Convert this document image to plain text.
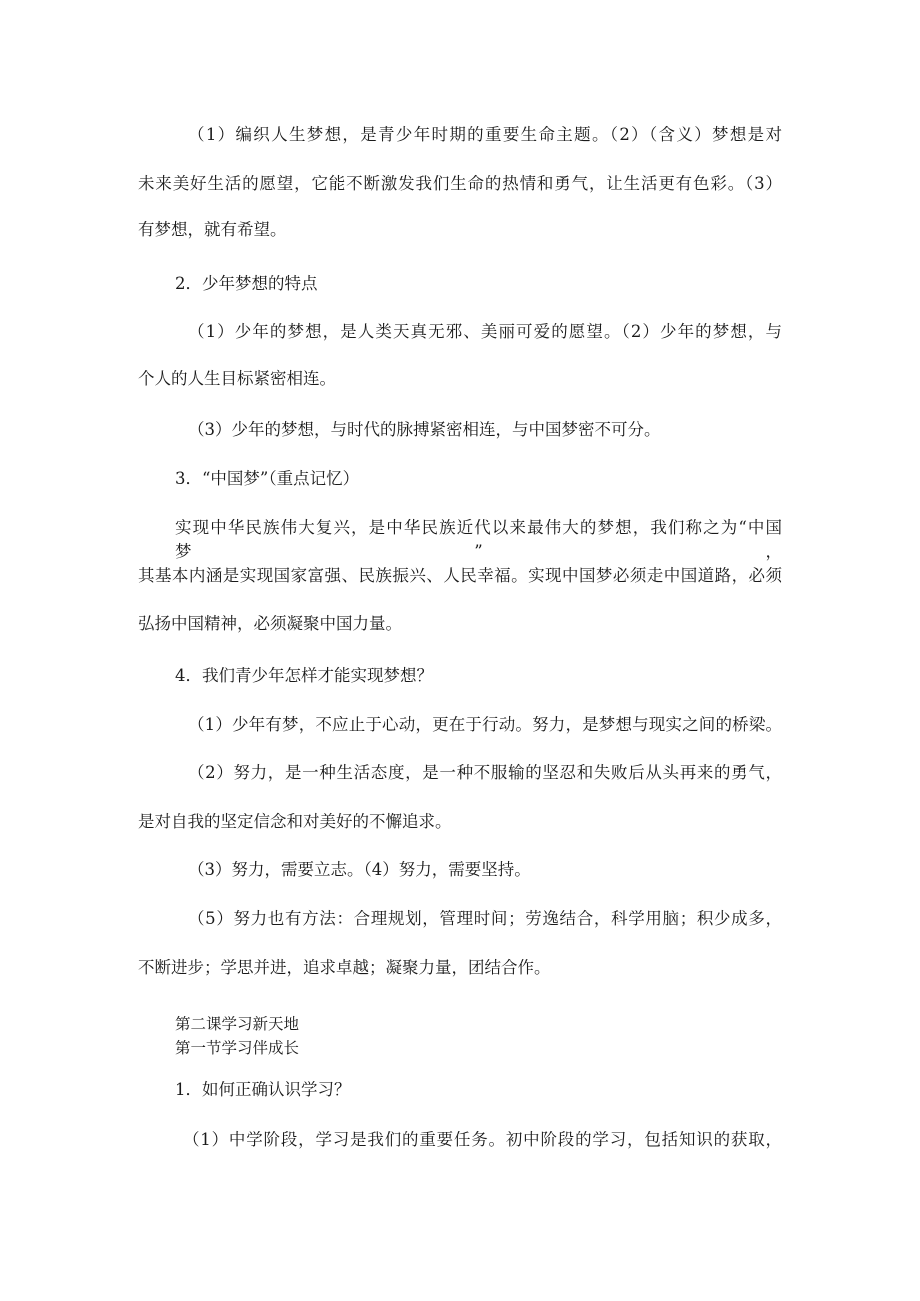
（1）编织人生梦想，是青少年时期的重要生命主题。（2）（含义）梦想是对
未来美好生活的愿望，它能不断激发我们生命的热情和勇气，让生活更有色彩。（3）
有梦想，就有希望。
2．少年梦想的特点
（1）少年的梦想，是人类天真无邪、美丽可爱的愿望。（2）少年的梦想，与
个人的人生目标紧密相连。
（3）少年的梦想，与时代的脉搏紧密相连，与中国梦密不可分。
3．“中国梦”（重点记忆）
实现中华民族伟大复兴，是中华民族近代以来最伟大的梦想，我们称之为“中国梦”，
其基本内涵是实现国家富强、民族振兴、人民幸福。实现中国梦必须走中国道路，必须
弘扬中国精神，必须凝聚中国力量。
4．我们青少年怎样才能实现梦想？
（1）少年有梦，不应止于心动，更在于行动。努力，是梦想与现实之间的桥梁。
（2）努力，是一种生活态度，是一种不服输的坚忍和失败后从头再来的勇气，
是对自我的坚定信念和对美好的不懈追求。
（3）努力，需要立志。（4）努力，需要坚持。
（5）努力也有方法：合理规划，管理时间；劳逸结合，科学用脑；积少成多，
不断进步；学思并进，追求卓越；凝聚力量，团结合作。
第二课学习新天地
第一节学习伴成长
1．如何正确认识学习？
（1）中学阶段，学习是我们的重要任务。初中阶段的学习，包括知识的获取，
